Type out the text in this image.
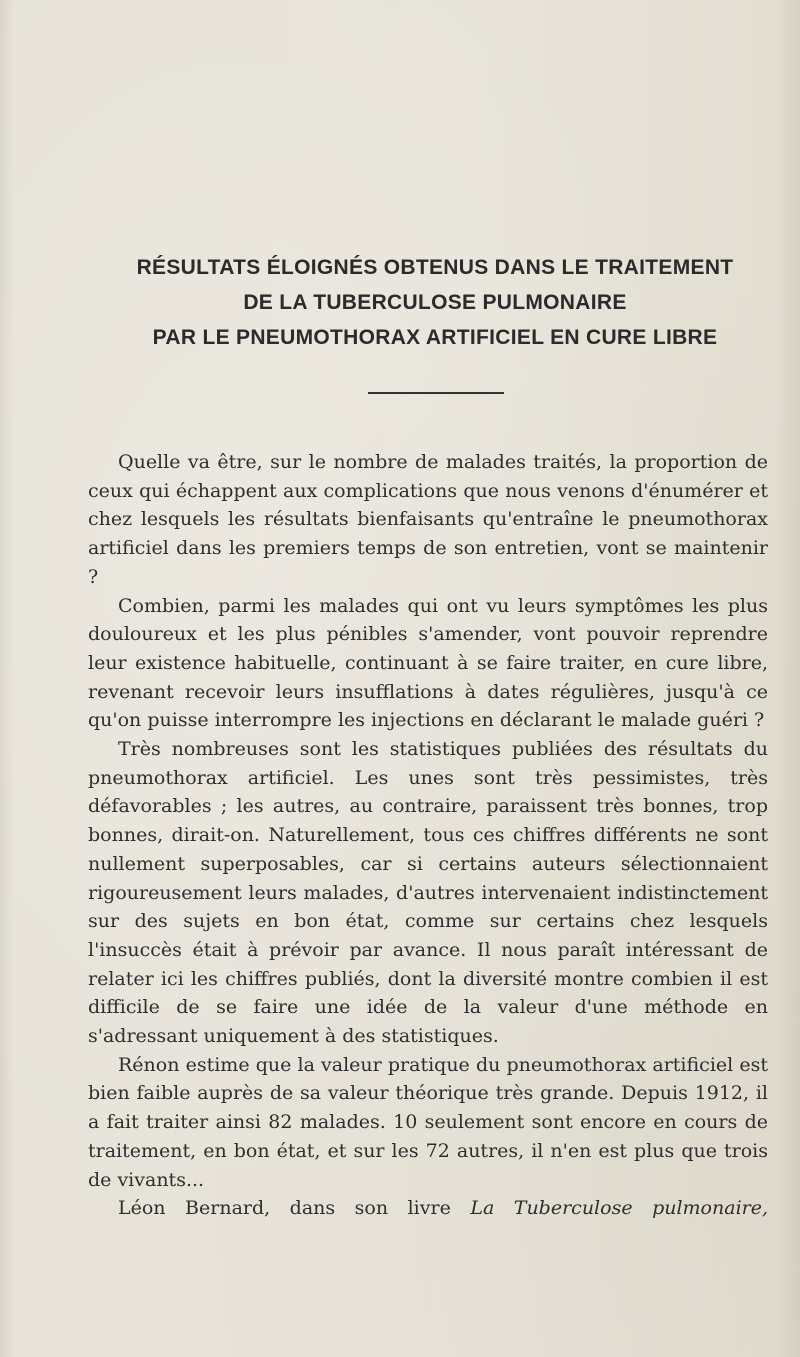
RÉSULTATS ÉLOIGNÉS OBTENUS DANS LE TRAITEMENT
DE LA TUBERCULOSE PULMONAIRE
PAR LE PNEUMOTHORAX ARTIFICIEL EN CURE LIBRE

Quelle va être, sur le nombre de malades traités, la proportion de ceux qui échappent aux complications que nous venons d'énumérer et chez lesquels les résultats bienfaisants qu'entraîne le pneumothorax artificiel dans les premiers temps de son entretien, vont se maintenir ?

Combien, parmi les malades qui ont vu leurs symptômes les plus douloureux et les plus pénibles s'amender, vont pouvoir reprendre leur existence habituelle, continuant à se faire traiter, en cure libre, revenant recevoir leurs insufflations à dates régulières, jusqu'à ce qu'on puisse interrompre les injections en déclarant le malade guéri ?

Très nombreuses sont les statistiques publiées des résultats du pneumothorax artificiel. Les unes sont très pessimistes, très défavorables ; les autres, au contraire, paraissent très bonnes, trop bonnes, dirait-on. Naturellement, tous ces chiffres différents ne sont nullement superposables, car si certains auteurs sélectionnaient rigoureusement leurs malades, d'autres intervenaient indistinctement sur des sujets en bon état, comme sur certains chez lesquels l'insuccès était à prévoir par avance. Il nous paraît intéressant de relater ici les chiffres publiés, dont la diversité montre combien il est difficile de se faire une idée de la valeur d'une méthode en s'adressant uniquement à des statistiques.

Rénon estime que la valeur pratique du pneumothorax artificiel est bien faible auprès de sa valeur théorique très grande. Depuis 1912, il a fait traiter ainsi 82 malades. 10 seulement sont encore en cours de traitement, en bon état, et sur les 72 autres, il n'en est plus que trois de vivants...

Léon Bernard, dans son livre La Tuberculose pulmonaire,
